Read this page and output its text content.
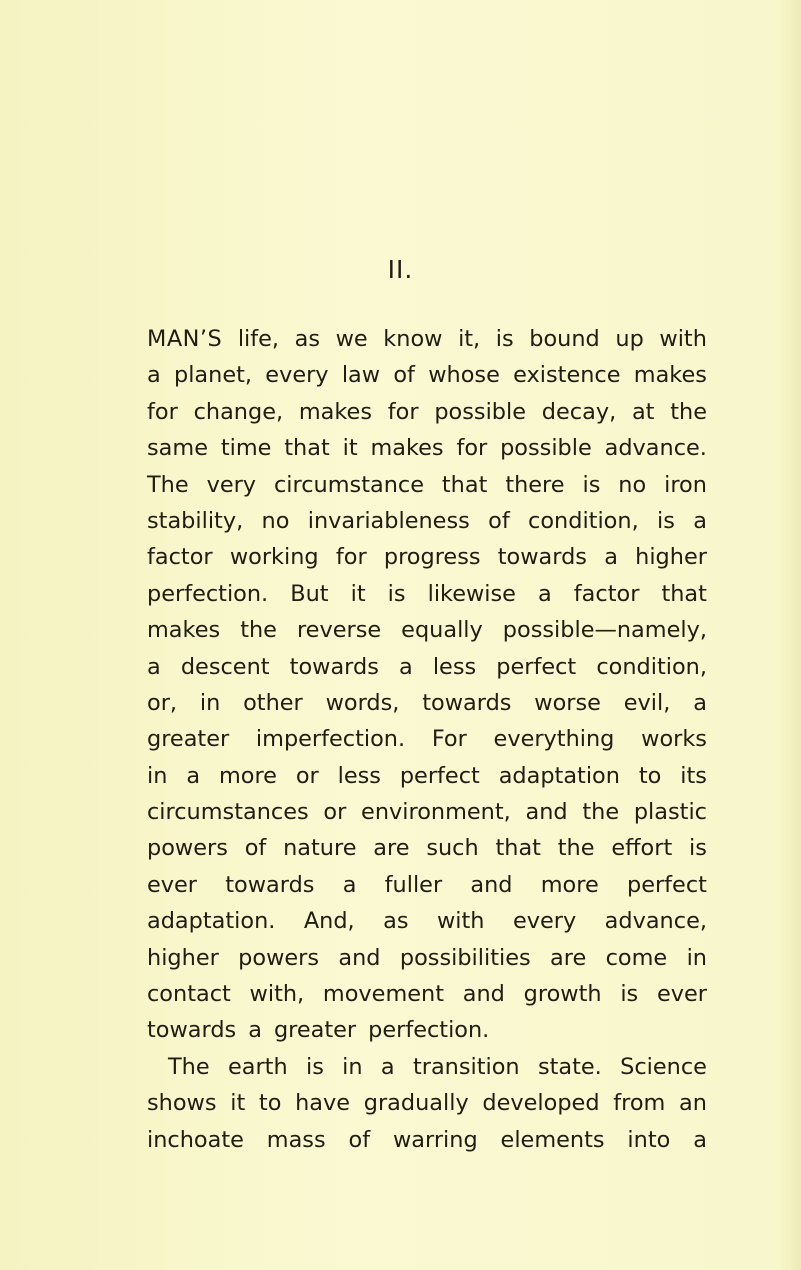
II.
MAN’S life, as we know it, is bound up with
a planet, every law of whose existence makes
for change, makes for possible decay, at the
same time that it makes for possible advance.
The very circumstance that there is no iron
stability, no invariableness of condition, is a
factor working for progress towards a higher
perfection. But it is likewise a factor that
makes the reverse equally possible—namely,
a descent towards a less perfect condition,
or, in other words, towards worse evil, a
greater imperfection. For everything works
in a more or less perfect adaptation to its
circumstances or environment, and the plastic
powers of nature are such that the effort is
ever towards a fuller and more perfect
adaptation. And, as with every advance,
higher powers and possibilities are come in
contact with, movement and growth is ever
towards a greater perfection.
The earth is in a transition state. Science
shows it to have gradually developed from an
inchoate mass of warring elements into a
